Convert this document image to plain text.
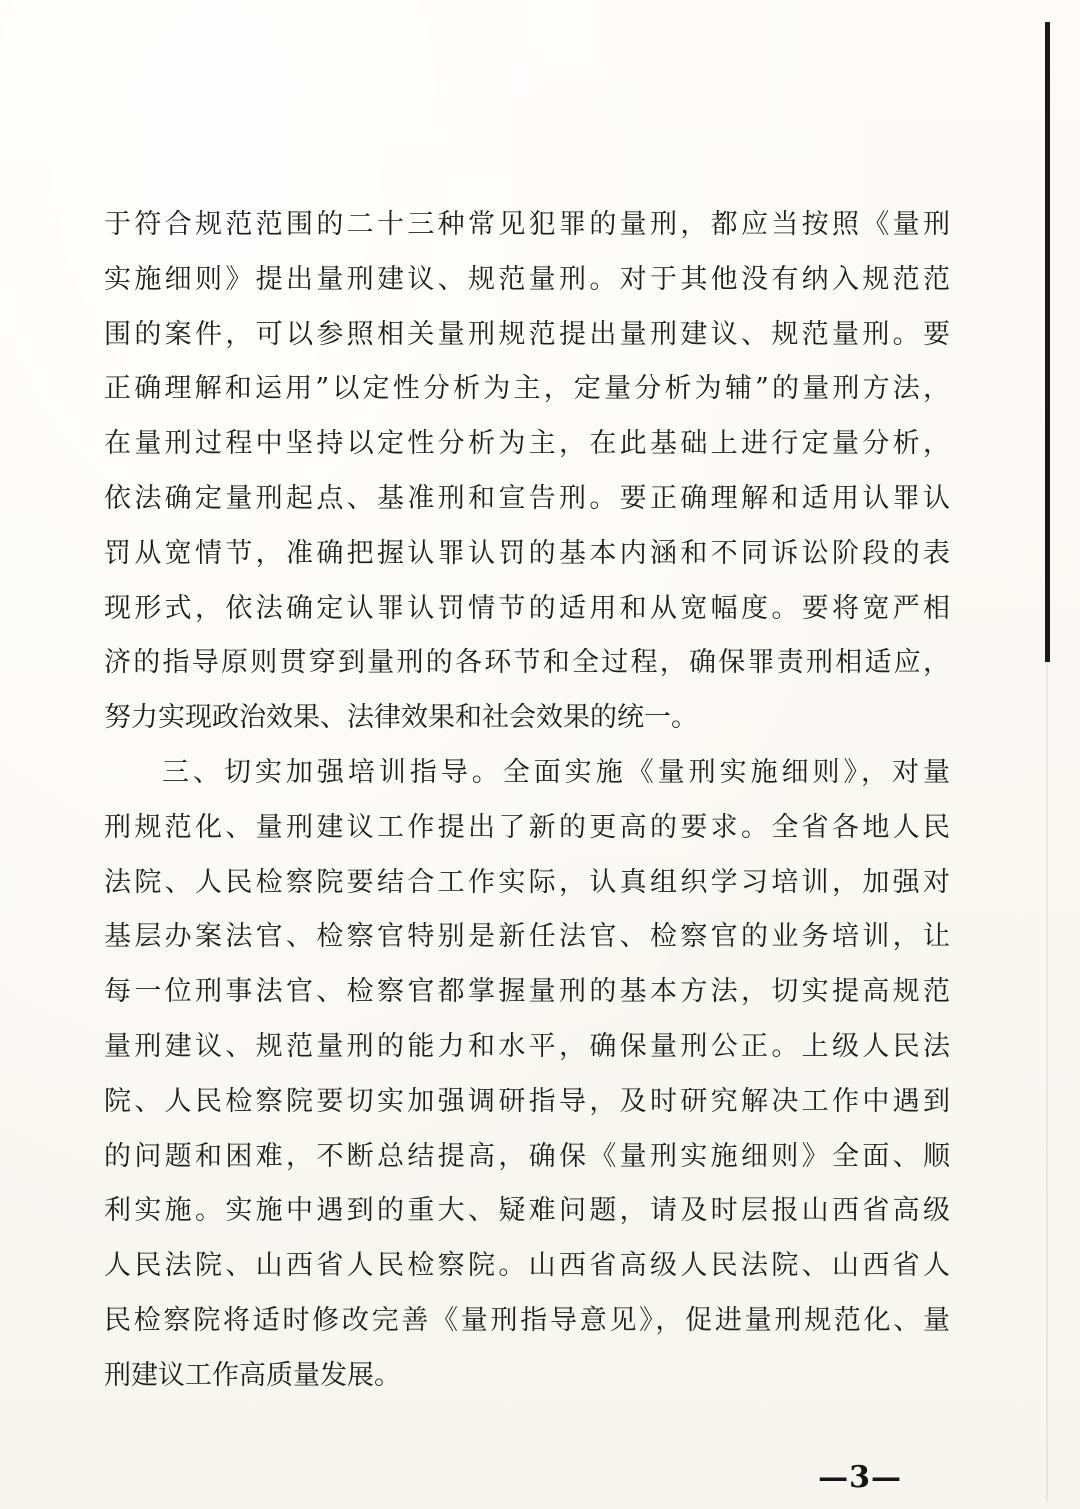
于符合规范范围的二十三种常见犯罪的量刑，都应当按照《量刑
实施细则》提出量刑建议、规范量刑。对于其他没有纳入规范范
围的案件，可以参照相关量刑规范提出量刑建议、规范量刑。要
正确理解和运用”以定性分析为主，定量分析为辅”的量刑方法，
在量刑过程中坚持以定性分析为主，在此基础上进行定量分析，
依法确定量刑起点、基准刑和宣告刑。要正确理解和适用认罪认
罚从宽情节，准确把握认罪认罚的基本内涵和不同诉讼阶段的表
现形式，依法确定认罪认罚情节的适用和从宽幅度。要将宽严相
济的指导原则贯穿到量刑的各环节和全过程，确保罪责刑相适应，
努力实现政治效果、法律效果和社会效果的统一。
三、切实加强培训指导。全面实施《量刑实施细则》，对量
刑规范化、量刑建议工作提出了新的更高的要求。全省各地人民
法院、人民检察院要结合工作实际，认真组织学习培训，加强对
基层办案法官、检察官特别是新任法官、检察官的业务培训，让
每一位刑事法官、检察官都掌握量刑的基本方法，切实提高规范
量刑建议、规范量刑的能力和水平，确保量刑公正。上级人民法
院、人民检察院要切实加强调研指导，及时研究解决工作中遇到
的问题和困难，不断总结提高，确保《量刑实施细则》全面、顺
利实施。实施中遇到的重大、疑难问题，请及时层报山西省高级
人民法院、山西省人民检察院。山西省高级人民法院、山西省人
民检察院将适时修改完善《量刑指导意见》，促进量刑规范化、量
刑建议工作高质量发展。
—3—
